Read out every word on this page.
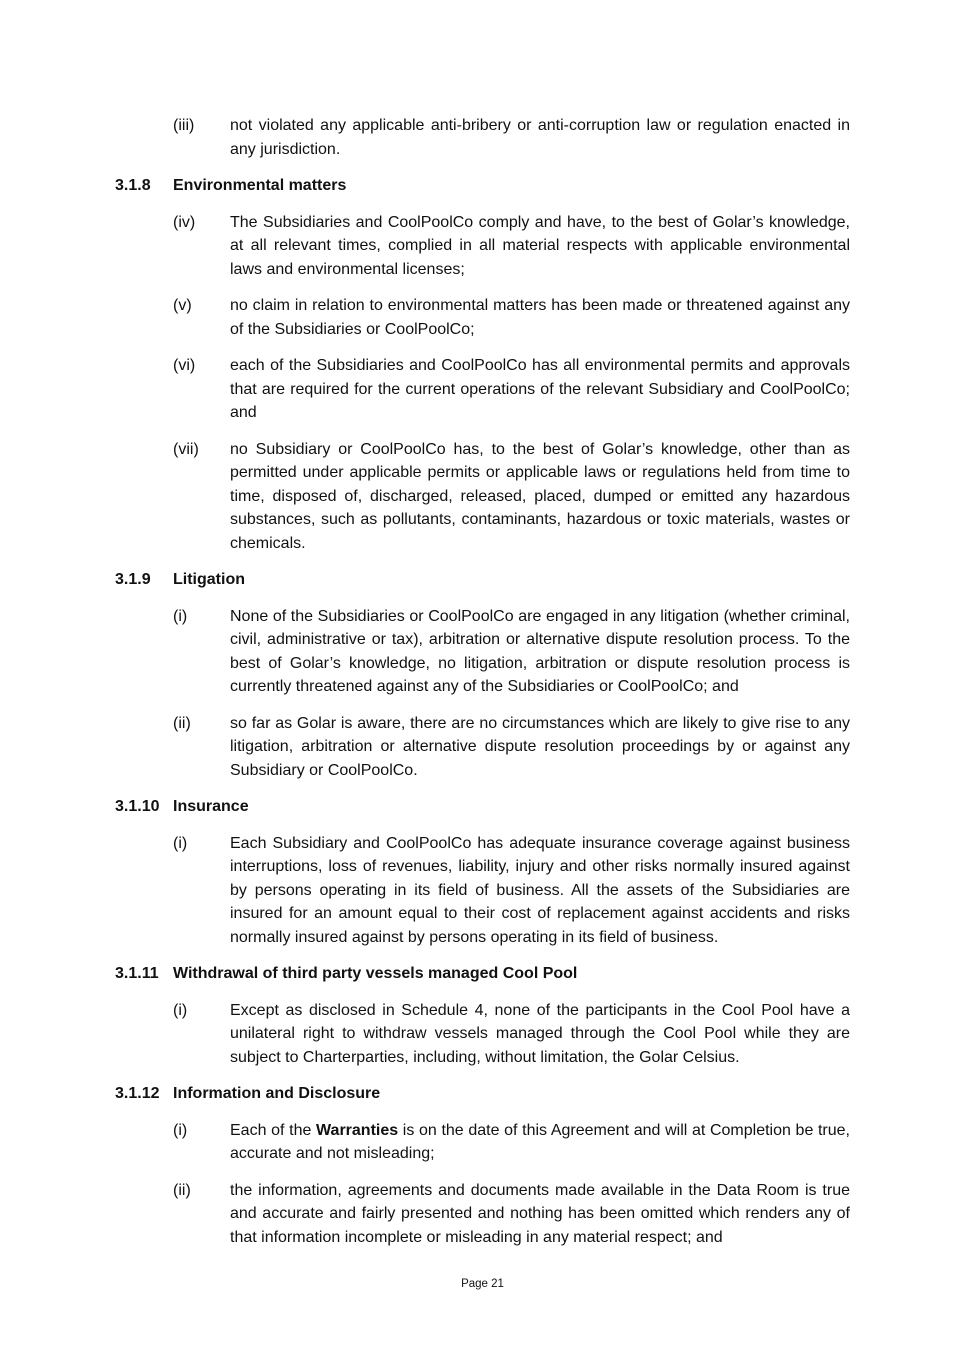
(iii)	not violated any applicable anti-bribery or anti-corruption law or regulation enacted in any jurisdiction.
3.1.8	Environmental matters
(iv)	The Subsidiaries and CoolPoolCo comply and have, to the best of Golar’s knowledge, at all relevant times, complied in all material respects with applicable environmental laws and environmental licenses;
(v)	no claim in relation to environmental matters has been made or threatened against any of the Subsidiaries or CoolPoolCo;
(vi)	each of the Subsidiaries and CoolPoolCo has all environmental permits and approvals that are required for the current operations of the relevant Subsidiary and CoolPoolCo; and
(vii)	no Subsidiary or CoolPoolCo has, to the best of Golar’s knowledge, other than as permitted under applicable permits or applicable laws or regulations held from time to time, disposed of, discharged, released, placed, dumped or emitted any hazardous substances, such as pollutants, contaminants, hazardous or toxic materials, wastes or chemicals.
3.1.9	Litigation
(i)	None of the Subsidiaries or CoolPoolCo are engaged in any litigation (whether criminal, civil, administrative or tax), arbitration or alternative dispute resolution process. To the best of Golar’s knowledge, no litigation, arbitration or dispute resolution process is currently threatened against any of the Subsidiaries or CoolPoolCo; and
(ii)	so far as Golar is aware, there are no circumstances which are likely to give rise to any litigation, arbitration or alternative dispute resolution proceedings by or against any Subsidiary or CoolPoolCo.
3.1.10 Insurance
(i)	Each Subsidiary and CoolPoolCo has adequate insurance coverage against business interruptions, loss of revenues, liability, injury and other risks normally insured against by persons operating in its field of business. All the assets of the Subsidiaries are insured for an amount equal to their cost of replacement against accidents and risks normally insured against by persons operating in its field of business.
3.1.11 Withdrawal of third party vessels managed Cool Pool
(i)	Except as disclosed in Schedule 4, none of the participants in the Cool Pool have a unilateral right to withdraw vessels managed through the Cool Pool while they are subject to Charterparties, including, without limitation, the Golar Celsius.
3.1.12 Information and Disclosure
(i)	Each of the Warranties is on the date of this Agreement and will at Completion be true, accurate and not misleading;
(ii)	the information, agreements and documents made available in the Data Room is true and accurate and fairly presented and nothing has been omitted which renders any of that information incomplete or misleading in any material respect; and
Page 21
